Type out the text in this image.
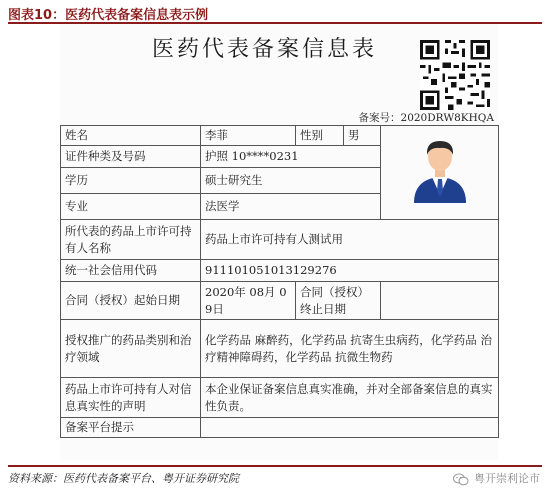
图表10：医药代表备案信息表示例
医药代表备案信息表
备案号：2020DRW8KHQA
姓名	李菲	性别	男	
证件种类及号码	护照 10****0231			
学历	硕士研究生			
专业	法医学			
所代表的药品上市许可持有人名称	药品上市许可持有人测试用			
统一社会信用代码	911101051013129276			
合同（授权）起始日期	2020年 08月 09日	合同（授权）终止日期		
授权推广的药品类别和治疗领域	化学药品 麻醉药，化学药品 抗寄生虫病药，化学药品 治疗精神障碍药，化学药品 抗微生物药			
药品上市许可持有人对信息真实性的声明	本企业保证备案信息真实准确，并对全部备案信息的真实性负责。			
备案平台提示				
资料来源：医药代表备案平台、粤开证券研究院	粤开崇利论市
